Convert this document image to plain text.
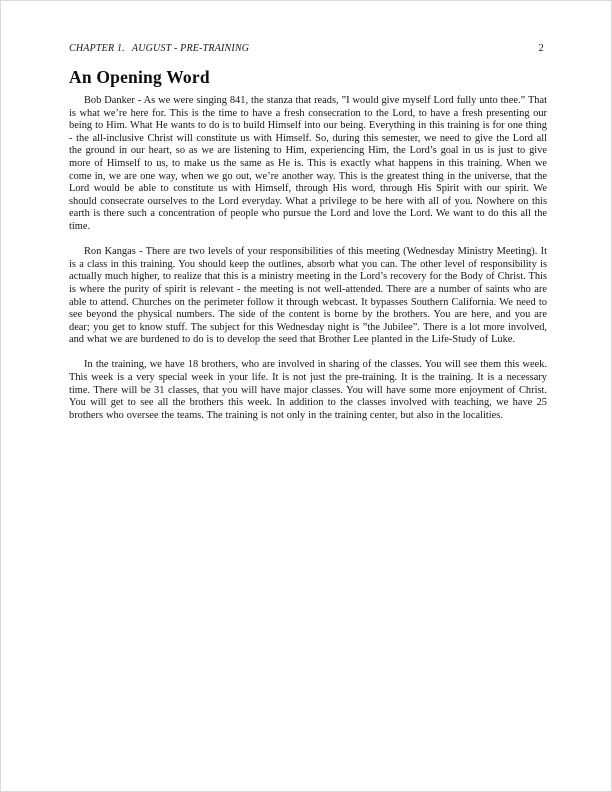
CHAPTER 1. AUGUST - PRE-TRAINING	2
An Opening Word

Bob Danker - As we were singing 841, the stanza that reads, ”I would give myself Lord fully unto thee.” That is what we’re here for. This is the time to have a fresh consecration to the Lord, to have a fresh presenting our being to Him. What He wants to do is to build Himself into our being. Everything in this training is for one thing - the all-inclusive Christ will constitute us with Himself. So, during this semester, we need to give the Lord all the ground in our heart, so as we are listening to Him, experiencing Him, the Lord’s goal in us is just to give more of Himself to us, to make us the same as He is. This is exactly what happens in this training. When we come in, we are one way, when we go out, we’re another way. This is the greatest thing in the universe, that the Lord would be able to constitute us with Himself, through His word, through His Spirit with our spirit. We should consecrate ourselves to the Lord everyday. What a privilege to be here with all of you. Nowhere on this earth is there such a concentration of people who pursue the Lord and love the Lord. We want to do this all the time.

Ron Kangas - There are two levels of your responsibilities of this meeting (Wednesday Ministry Meeting). It is a class in this training. You should keep the outlines, absorb what you can. The other level of responsibility is actually much higher, to realize that this is a ministry meeting in the Lord’s recovery for the Body of Christ. This is where the purity of spirit is relevant - the meeting is not well-attended. There are a number of saints who are able to attend. Churches on the perimeter follow it through webcast. It bypasses Southern California. We need to see beyond the physical numbers. The side of the content is borne by the brothers. You are here, and you are dear; you get to know stuff. The subject for this Wednesday night is ”the Jubilee”. There is a lot more involved, and what we are burdened to do is to develop the seed that Brother Lee planted in the Life-Study of Luke.

In the training, we have 18 brothers, who are involved in sharing of the classes. You will see them this week. This week is a very special week in your life. It is not just the pre-training. It is the training. It is a necessary time. There will be 31 classes, that you will have major classes. You will have some more enjoyment of Christ. You will get to see all the brothers this week. In addition to the classes involved with teaching, we have 25 brothers who oversee the teams. The training is not only in the training center, but also in the localities.
